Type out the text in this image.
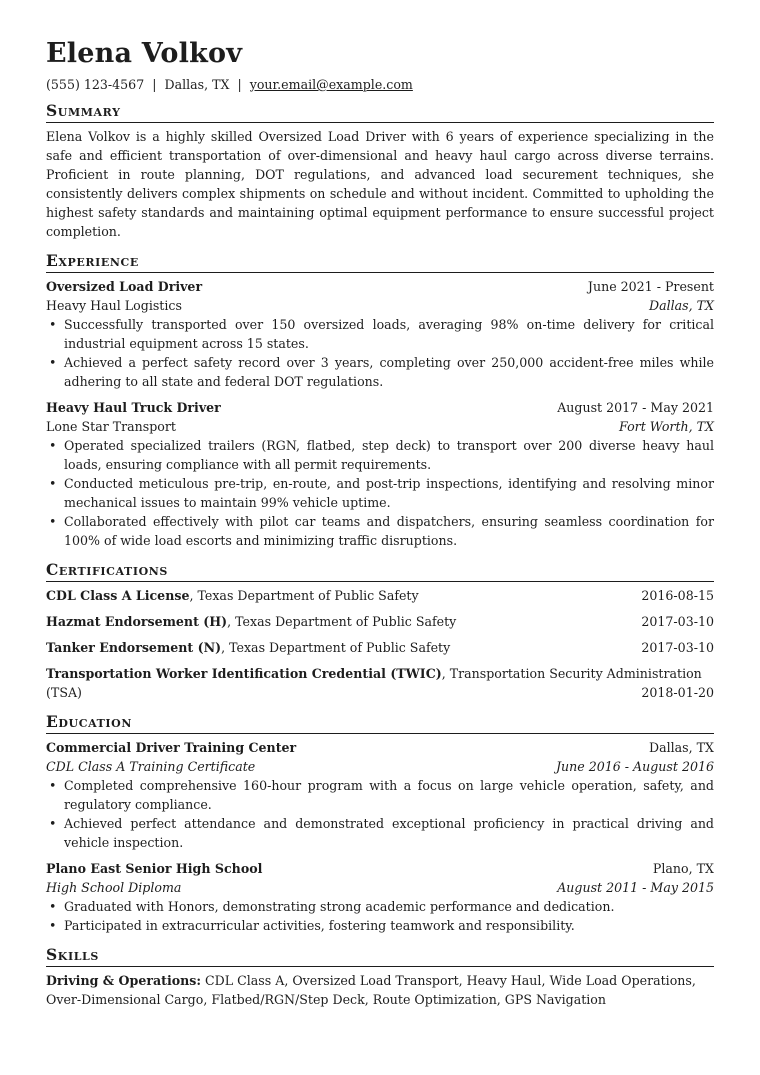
Elena Volkov
(555) 123-4567 | Dallas, TX | your.email@example.com
Summary
Elena Volkov is a highly skilled Oversized Load Driver with 6 years of experience specializing in the safe and efficient transportation of over-dimensional and heavy haul cargo across diverse terrains. Proficient in route planning, DOT regulations, and advanced load securement techniques, she consistently delivers complex shipments on schedule and without incident. Committed to upholding the highest safety standards and maintaining optimal equipment performance to ensure successful project completion.
Experience
Oversized Load Driver	June 2021 - Present
Heavy Haul Logistics	Dallas, TX
• Successfully transported over 150 oversized loads, averaging 98% on-time delivery for critical industrial equipment across 15 states.
• Achieved a perfect safety record over 3 years, completing over 250,000 accident-free miles while adhering to all state and federal DOT regulations.
Heavy Haul Truck Driver	August 2017 - May 2021
Lone Star Transport	Fort Worth, TX
• Operated specialized trailers (RGN, flatbed, step deck) to transport over 200 diverse heavy haul loads, ensuring compliance with all permit requirements.
• Conducted meticulous pre-trip, en-route, and post-trip inspections, identifying and resolving minor mechanical issues to maintain 99% vehicle uptime.
• Collaborated effectively with pilot car teams and dispatchers, ensuring seamless coordination for 100% of wide load escorts and minimizing traffic disruptions.
Certifications
CDL Class A License, Texas Department of Public Safety	2016-08-15
Hazmat Endorsement (H), Texas Department of Public Safety	2017-03-10
Tanker Endorsement (N), Texas Department of Public Safety	2017-03-10
Transportation Worker Identification Credential (TWIC), Transportation Security Administration
(TSA)	2018-01-20
Education
Commercial Driver Training Center	Dallas, TX
CDL Class A Training Certificate	June 2016 - August 2016
• Completed comprehensive 160-hour program with a focus on large vehicle operation, safety, and regulatory compliance.
• Achieved perfect attendance and demonstrated exceptional proficiency in practical driving and vehicle inspection.
Plano East Senior High School	Plano, TX
High School Diploma	August 2011 - May 2015
• Graduated with Honors, demonstrating strong academic performance and dedication.
• Participated in extracurricular activities, fostering teamwork and responsibility.
Skills
Driving & Operations: CDL Class A, Oversized Load Transport, Heavy Haul, Wide Load Operations, Over-Dimensional Cargo, Flatbed/RGN/Step Deck, Route Optimization, GPS Navigation
